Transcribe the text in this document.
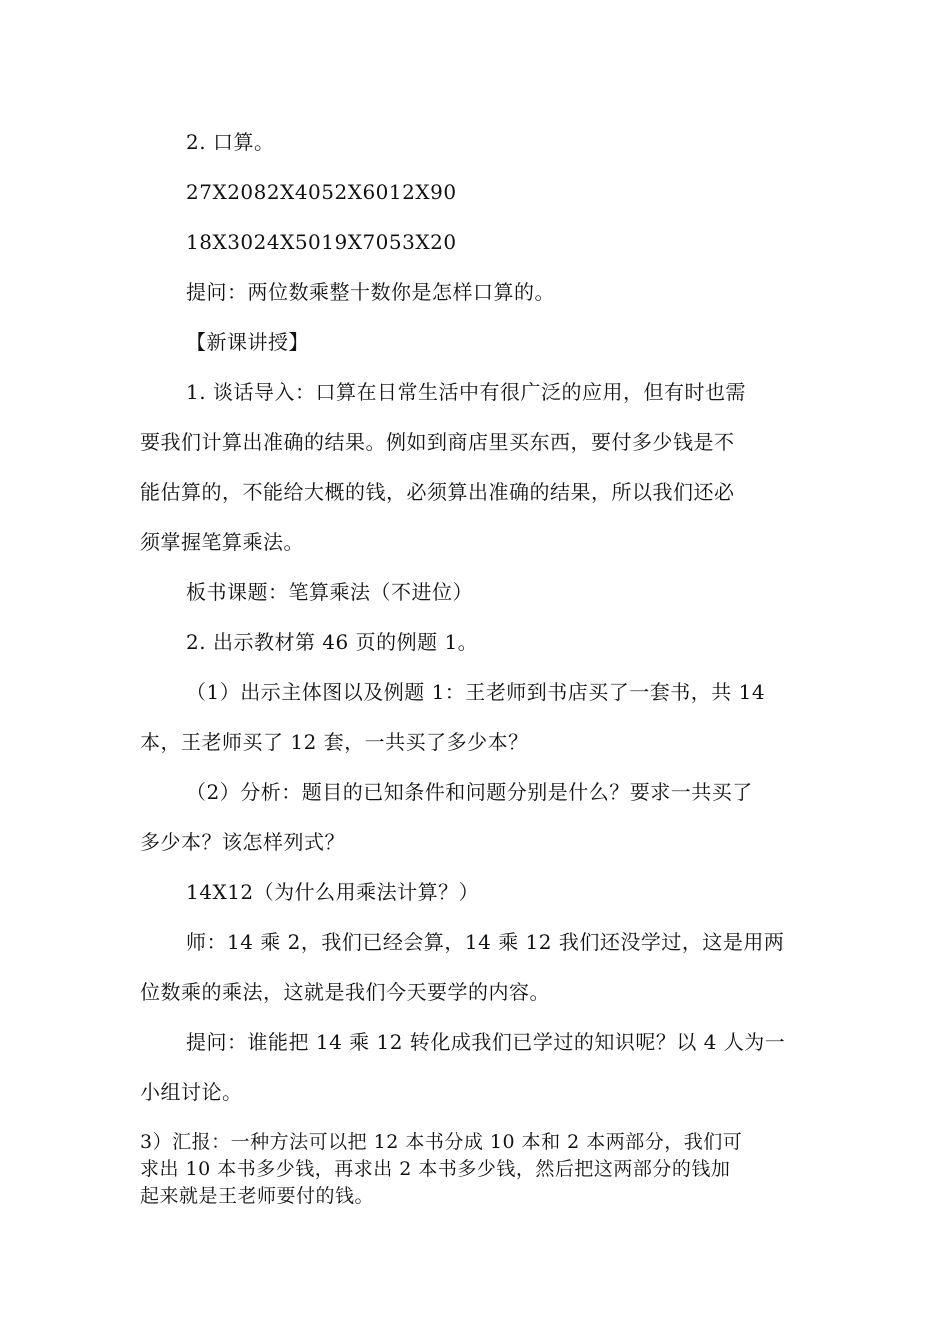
2. 口算。
27X2082X4052X6012X90
18X3024X5019X7053X20
提问：两位数乘整十数你是怎样口算的。
【新课讲授】
1. 谈话导入：口算在日常生活中有很广泛的应用，但有时也需
要我们计算出准确的结果。例如到商店里买东西，要付多少钱是不
能估算的，不能给大概的钱，必须算出准确的结果，所以我们还必
须掌握笔算乘法。
板书课题：笔算乘法（不进位）
2. 出示教材第 46 页的例题 1。
（1）出示主体图以及例题 1：王老师到书店买了一套书，共 14
本，王老师买了 12 套，一共买了多少本？
（2）分析：题目的已知条件和问题分别是什么？要求一共买了
多少本？该怎样列式？
14X12（为什么用乘法计算？）
师：14 乘 2，我们已经会算，14 乘 12 我们还没学过，这是用两
位数乘的乘法，这就是我们今天要学的内容。
提问：谁能把 14 乘 12 转化成我们已学过的知识呢？以 4 人为一
小组讨论。
3）汇报：一种方法可以把 12 本书分成 10 本和 2 本两部分，我们可
求出 10 本书多少钱，再求出 2 本书多少钱，然后把这两部分的钱加
起来就是王老师要付的钱。
